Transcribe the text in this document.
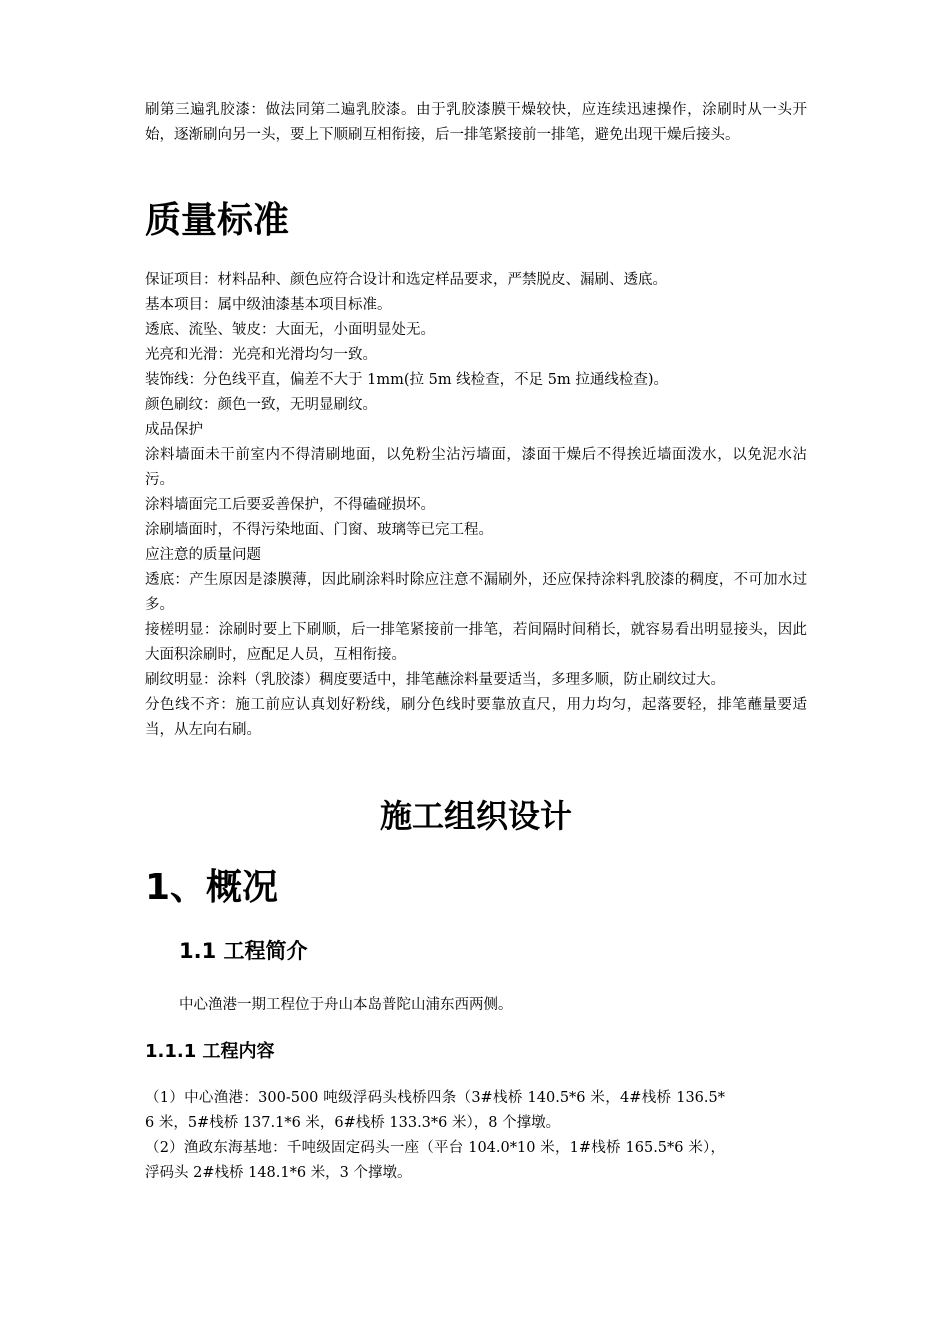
刷第三遍乳胶漆：做法同第二遍乳胶漆。由于乳胶漆膜干燥较快，应连续迅速操作，涂刷时从一头开始，逐渐刷向另一头，要上下顺刷互相衔接，后一排笔紧接前一排笔，避免出现干燥后接头。

质量标准

保证项目：材料品种、颜色应符合设计和选定样品要求，严禁脱皮、漏刷、透底。

基本项目：属中级油漆基本项目标准。

透底、流坠、皱皮：大面无，小面明显处无。

光亮和光滑：光亮和光滑均匀一致。

装饰线：分色线平直，偏差不大于 1mm(拉 5m 线检查，不足 5m 拉通线检查)。

颜色刷纹：颜色一致，无明显刷纹。

成品保护

涂料墙面未干前室内不得清刷地面，以免粉尘沾污墙面，漆面干燥后不得挨近墙面泼水，以免泥水沾污。

涂料墙面完工后要妥善保护，不得磕碰损坏。

涂刷墙面时，不得污染地面、门窗、玻璃等已完工程。

应注意的质量问题

透底：产生原因是漆膜薄，因此刷涂料时除应注意不漏刷外，还应保持涂料乳胶漆的稠度，不可加水过多。

接槎明显：涂刷时要上下刷顺，后一排笔紧接前一排笔，若间隔时间稍长，就容易看出明显接头，因此大面积涂刷时，应配足人员，互相衔接。

刷纹明显：涂料（乳胶漆）稠度要适中，排笔蘸涂料量要适当，多理多顺，防止刷纹过大。

分色线不齐：施工前应认真划好粉线，刷分色线时要靠放直尺，用力均匀，起落要轻，排笔蘸量要适当，从左向右刷。

施工组织设计
1、概况
1.1 工程简介

中心渔港一期工程位于舟山本岛普陀山浦东西两侧。

1.1.1 工程内容

（1）中心渔港：300-500 吨级浮码头栈桥四条（3#栈桥 140.5*6 米，4#栈桥 136.5*6 米，5#栈桥 137.1*6 米，6#栈桥 133.3*6 米），8 个撑墩。

（2）渔政东海基地：千吨级固定码头一座（平台 104.0*10 米，1#栈桥 165.5*6 米），浮码头 2#栈桥 148.1*6 米，3 个撑墩。
